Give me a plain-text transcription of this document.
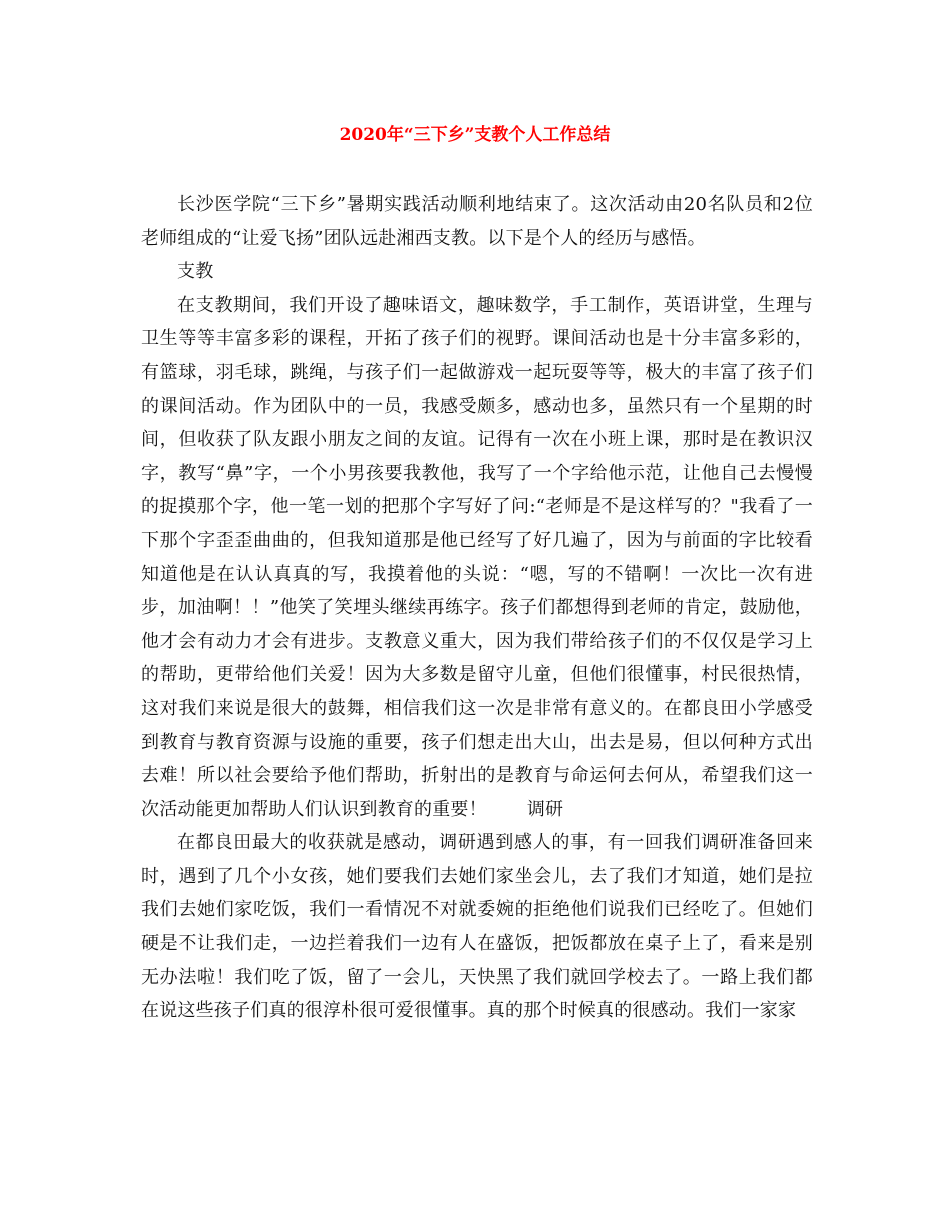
2020年“三下乡”支教个人工作总结

长沙医学院“三下乡”暑期实践活动顺利地结束了。这次活动由20名队员和2位老师组成的“让爱飞扬”团队远赴湘西支教。以下是个人的经历与感悟。

支教

在支教期间，我们开设了趣味语文，趣味数学，手工制作，英语讲堂，生理与卫生等等丰富多彩的课程，开拓了孩子们的视野。课间活动也是十分丰富多彩的，有篮球，羽毛球，跳绳，与孩子们一起做游戏一起玩耍等等，极大的丰富了孩子们的课间活动。作为团队中的一员，我感受颇多，感动也多，虽然只有一个星期的时间，但收获了队友跟小朋友之间的友谊。记得有一次在小班上课，那时是在教识汉字，教写“鼻”字，一个小男孩要我教他，我写了一个字给他示范，让他自己去慢慢的捉摸那个字，他一笔一划的把那个字写好了问:“老师是不是这样写的？"我看了一下那个字歪歪曲曲的，但我知道那是他已经写了好几遍了，因为与前面的字比较看知道他是在认认真真的写，我摸着他的头说：“嗯，写的不错啊！一次比一次有进步，加油啊！！”他笑了笑埋头继续再练字。孩子们都想得到老师的肯定，鼓励他，他才会有动力才会有进步。支教意义重大，因为我们带给孩子们的不仅仅是学习上的帮助，更带给他们关爱！因为大多数是留守儿童，但他们很懂事，村民很热情，这对我们来说是很大的鼓舞，相信我们这一次是非常有意义的。在都良田小学感受到教育与教育资源与设施的重要，孩子们想走出大山，出去是易，但以何种方式出去难！所以社会要给予他们帮助，折射出的是教育与命运何去何从，希望我们这一次活动能更加帮助人们认识到教育的重要！ 调研

在都良田最大的收获就是感动，调研遇到感人的事，有一回我们调研准备回来时，遇到了几个小女孩，她们要我们去她们家坐会儿，去了我们才知道，她们是拉我们去她们家吃饭，我们一看情况不对就委婉的拒绝他们说我们已经吃了。但她们硬是不让我们走，一边拦着我们一边有人在盛饭，把饭都放在桌子上了，看来是别无办法啦！我们吃了饭，留了一会儿，天快黑了我们就回学校去了。一路上我们都在说这些孩子们真的很淳朴很可爱很懂事。真的那个时候真的很感动。我们一家家
